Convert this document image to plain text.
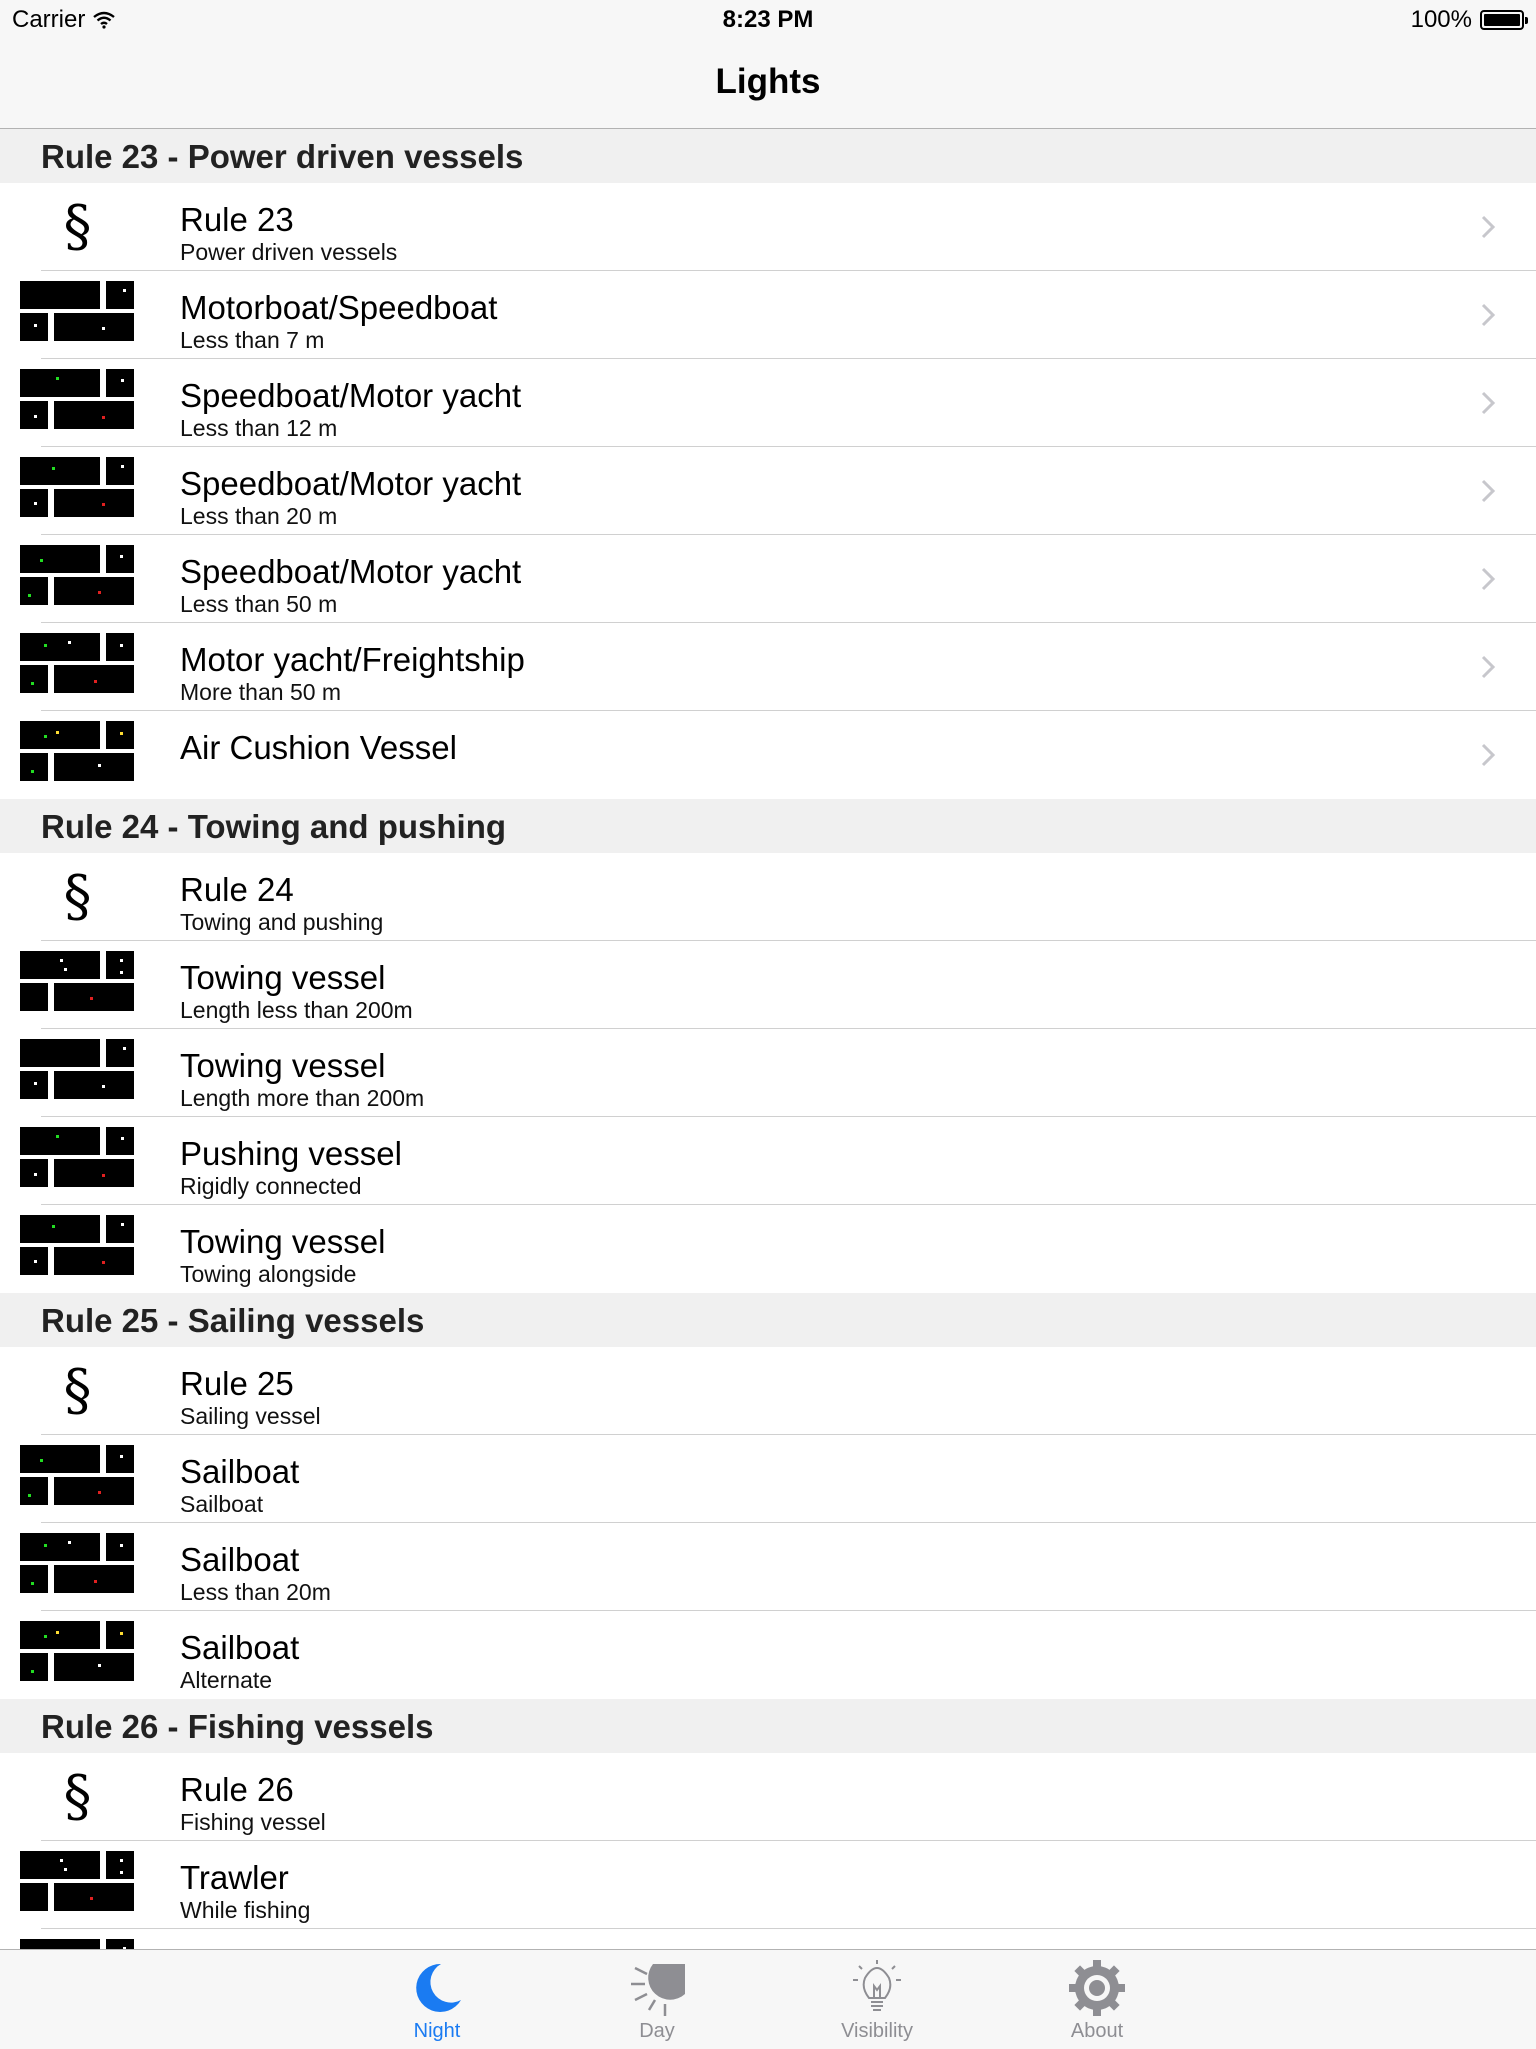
Carrier	8:23 PM	100%
Lights
Rule 23 - Power driven vessels
§	Rule 23
Power driven vessels
Motorboat/Speedboat
Less than 7 m
Speedboat/Motor yacht
Less than 12 m
Speedboat/Motor yacht
Less than 20 m
Speedboat/Motor yacht
Less than 50 m
Motor yacht/Freightship
More than 50 m
Air Cushion Vessel
Rule 24 - Towing and pushing
§	Rule 24
Towing and pushing
Towing vessel
Length less than 200m
Towing vessel
Length more than 200m
Pushing vessel
Rigidly connected
Towing vessel
Towing alongside
Rule 25 - Sailing vessels
§	Rule 25
Sailing vessel
Sailboat
Sailboat
Sailboat
Less than 20m
Sailboat
Alternate
Rule 26 - Fishing vessels
§	Rule 26
Fishing vessel
Trawler
While fishing
Night	Day	Visibility	About
